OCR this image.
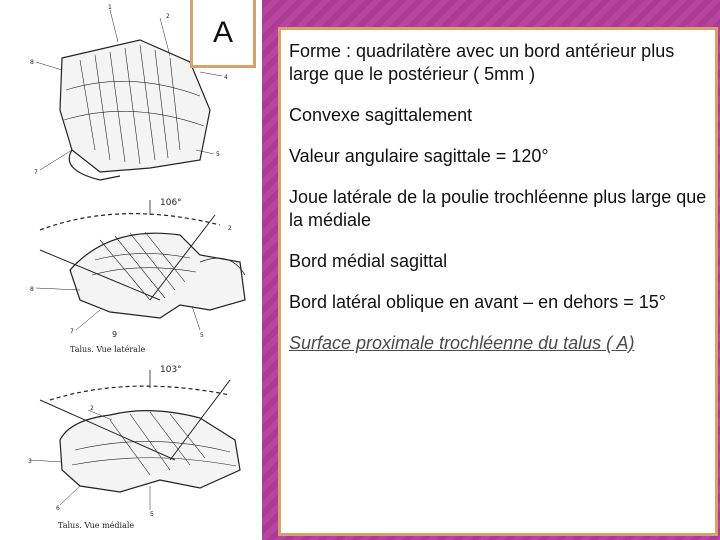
1
2
8
4
5
7
106°
2
8
7	9	5
Talus. Vue latérale
103°
2
3
6
5
Talus. Vue médiale
A

Forme : quadrilatère avec un bord antérieur plus large que le postérieur ( 5mm )

Convexe sagittalement

Valeur angulaire sagittale = 120°

Joue latérale de la poulie trochléenne plus large que la médiale

Bord médial sagittal

Bord latéral oblique en avant – en dehors = 15°

Surface proximale trochléenne du talus ( A)
